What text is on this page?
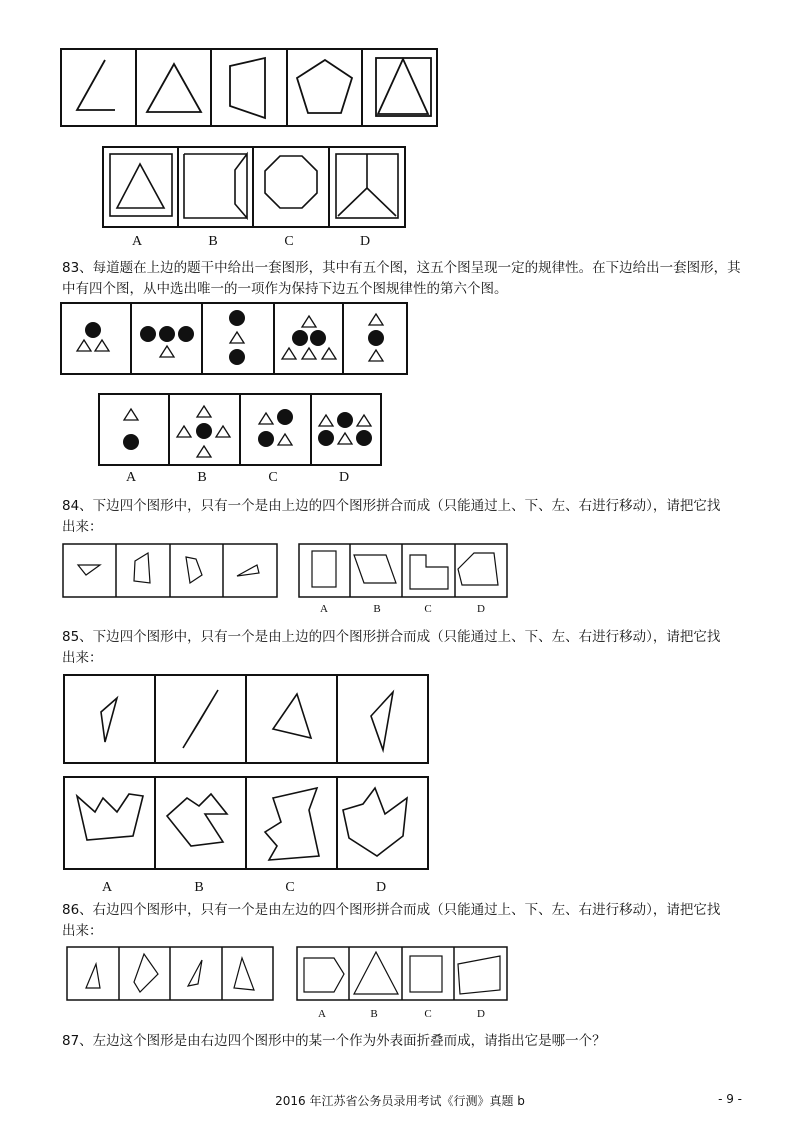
A	B	C	D
83、每道题在上边的题干中给出一套图形，其中有五个图，这五个图呈现一定的规律性。在下边给出一套图形，其中有四个图，从中选出唯一的一项作为保持下边五个图规律性的第六个图。
A	B	C	D
84、下边四个图形中，只有一个是由上边的四个图形拼合而成（只能通过上、下、左、右进行移动），请把它找
出来：
A	B	C	D
85、下边四个图形中，只有一个是由上边的四个图形拼合而成（只能通过上、下、左、右进行移动），请把它找
出来：
A	B	C	D
86、右边四个图形中，只有一个是由左边的四个图形拼合而成（只能通过上、下、左、右进行移动），请把它找
出来：
A	B	C	D
87、左边这个图形是由右边四个图形中的某一个作为外表面折叠而成，请指出它是哪一个？
2016 年江苏省公务员录用考试《行测》真题 b	- 9 -
